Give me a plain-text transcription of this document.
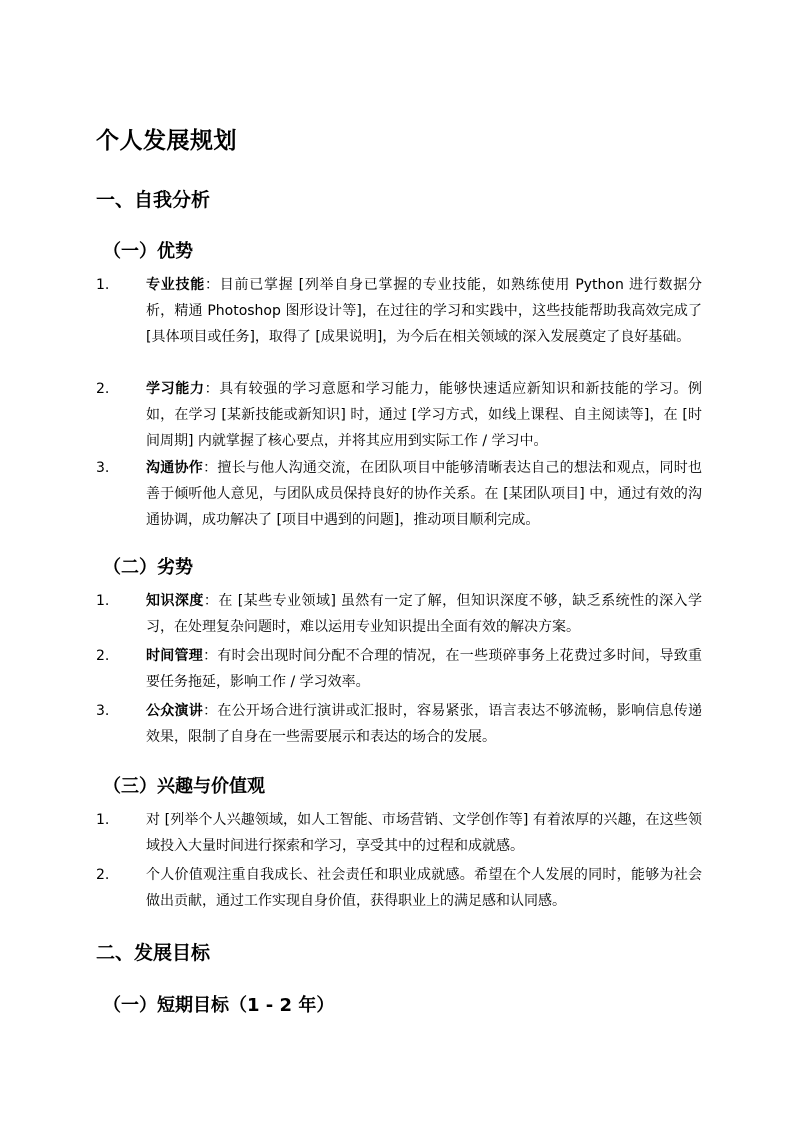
个人发展规划
一、自我分析
（一）优势
1.	专业技能：目前已掌握 [列举自身已掌握的专业技能，如熟练使用 Python 进行数据分析，精通 Photoshop 图形设计等]，在过往的学习和实践中，这些技能帮助我高效完成了 [具体项目或任务]，取得了 [成果说明]，为今后在相关领域的深入发展奠定了良好基础。
2.	学习能力：具有较强的学习意愿和学习能力，能够快速适应新知识和新技能的学习。例如，在学习 [某新技能或新知识] 时，通过 [学习方式，如线上课程、自主阅读等]，在 [时间周期] 内就掌握了核心要点，并将其应用到实际工作 / 学习中。
3.	沟通协作：擅长与他人沟通交流，在团队项目中能够清晰表达自己的想法和观点，同时也善于倾听他人意见，与团队成员保持良好的协作关系。在 [某团队项目] 中，通过有效的沟通协调，成功解决了 [项目中遇到的问题]，推动项目顺利完成。
（二）劣势
1.	知识深度：在 [某些专业领域] 虽然有一定了解，但知识深度不够，缺乏系统性的深入学习，在处理复杂问题时，难以运用专业知识提出全面有效的解决方案。
2.	时间管理：有时会出现时间分配不合理的情况，在一些琐碎事务上花费过多时间，导致重要任务拖延，影响工作 / 学习效率。
3.	公众演讲：在公开场合进行演讲或汇报时，容易紧张，语言表达不够流畅，影响信息传递效果，限制了自身在一些需要展示和表达的场合的发展。
（三）兴趣与价值观
1.	对 [列举个人兴趣领域，如人工智能、市场营销、文学创作等] 有着浓厚的兴趣，在这些领域投入大量时间进行探索和学习，享受其中的过程和成就感。
2.	个人价值观注重自我成长、社会责任和职业成就感。希望在个人发展的同时，能够为社会做出贡献，通过工作实现自身价值，获得职业上的满足感和认同感。
二、发展目标
（一）短期目标（1 - 2 年）
